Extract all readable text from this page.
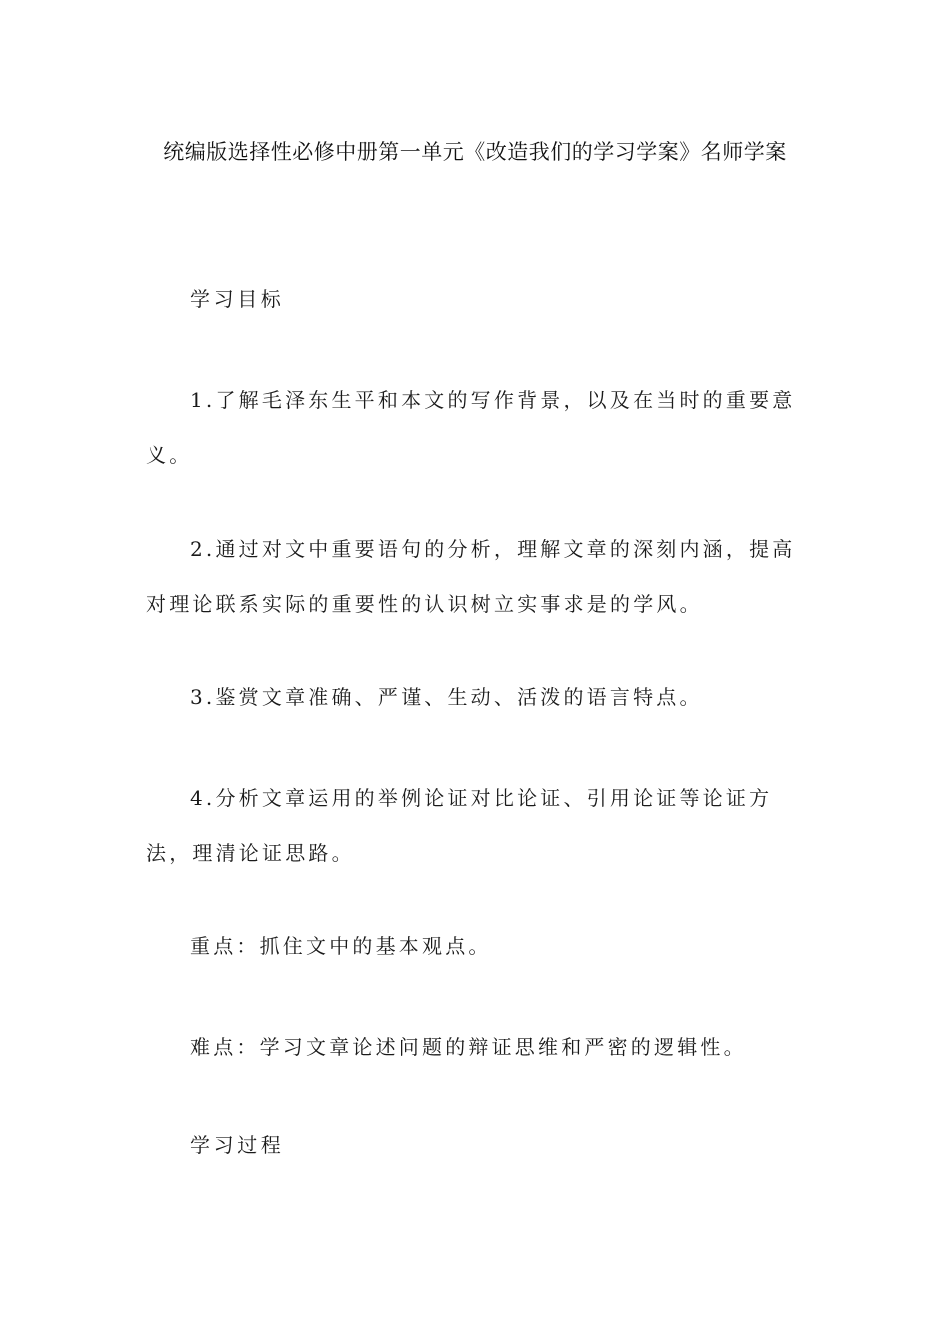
统编版选择性必修中册第一单元《改造我们的学习学案》名师学案
学习目标
1.了解毛泽东生平和本文的写作背景，以及在当时的重要意义。
2.通过对文中重要语句的分析，理解文章的深刻内涵，提高对理论联系实际的重要性的认识树立实事求是的学风。
3.鉴赏文章准确、严谨、生动、活泼的语言特点。
4.分析文章运用的举例论证对比论证、引用论证等论证方法，理清论证思路。
重点：抓住文中的基本观点。
难点：学习文章论述问题的辩证思维和严密的逻辑性。
学习过程
